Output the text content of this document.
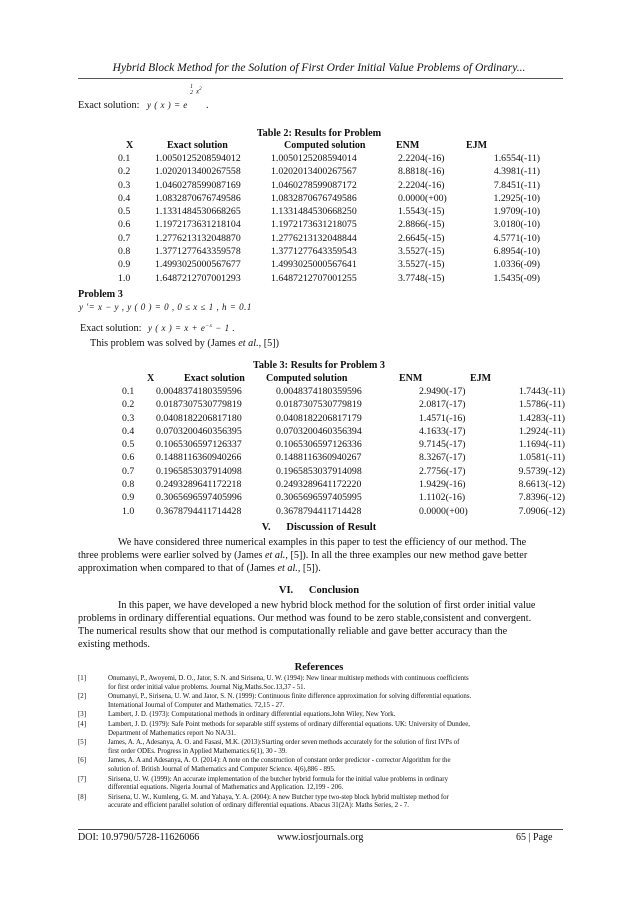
Hybrid Block Method for the Solution of First Order Initial Value Problems of Ordinary...
Exact solution: y ( x ) = e
1
2 $x^2$
.
Table 2: Results for Problem
X	Exact solution	Computed solution	ENM	EJM
0.1	1.0050125208594012	1.0050125208594014	2.2204(-16)	1.6554(-11)
0.2	1.0202013400267558	1.0202013400267567	8.8818(-16)	4.3981(-11)
0.3	1.0460278599087169	1.0460278599087172	2.2204(-16)	7.8451(-11)
0.4	1.0832870676749586	1.0832870676749586	0.0000(+00)	1.2925(-10)
0.5	1.1331484530668265	1.1331484530668250	1.5543(-15)	1.9709(-10)
0.6	1.1972173631218104	1.1972173631218075	2.8866(-15)	3.0180(-10)
0.7	1.2776213132048870	1.2776213132048844	2.6645(-15)	4.5771(-10)
0.8	1.3771277643359578	1.3771277643359543	3.5527(-15)	6.8954(-10)
0.9	1.4993025000567677	1.4993025000567641	3.5527(-15)	1.0336(-09)
1.0	1.6487212707001293	1.6487212707001255	3.7748(-15)	1.5435(-09)
Problem 3
y '= x − y , y ( 0 ) = 0 , 0 ≤ x ≤ 1 , h = 0.1
Exact solution: y ( x ) = $x + e^{-x} - 1$ .
This problem was solved by (James et al., [5])
Table 3: Results for Problem 3
X	Exact solution Computed solution	ENM	EJM
0.1	0.0048374180359596	0.0048374180359596	2.9490(-17)	1.7443(-11)
0.2	0.0187307530779819	0.0187307530779819	2.0817(-17)	1.5786(-11)
0.3	0.0408182206817180	0.0408182206817179	1.4571(-16)	1.4283(-11)
0.4	0.0703200460356395	0.0703200460356394	4.1633(-17)	1.2924(-11)
0.5	0.1065306597126337	0.1065306597126336	9.7145(-17)	1.1694(-11)
0.6	0.1488116360940266	0.1488116360940267	8.3267(-17)	1.0581(-11)
0.7	0.1965853037914098	0.1965853037914098	2.7756(-17)	9.5739(-12)
0.8	0.2493289641172218	0.2493289641172220	1.9429(-16)	8.6613(-12)
0.9	0.3065696597405996	0.3065696597405995	1.1102(-16)	7.8396(-12)
1.0	0.3678794411714428	0.3678794411714428	0.0000(+00)	7.0906(-12)
V. Discussion of Result
We have considered three numerical examples in this paper to test the efficiency of our method. The
three problems were earlier solved by (James et al., [5]). In all the three examples our new method gave better
approximation when compared to that of (James et al., [5]).
VI. Conclusion
In this paper, we have developed a new hybrid block method for the solution of first order initial value
problems in ordinary differential equations. Our method was found to be zero stable,consistent and convergent.
The numerical results show that our method is computationally reliable and gave better accuracy than the
existing methods.
References
[1]	Onumanyi, P., Awoyemi, D. O., Jator, S. N. and Sirisena, U. W. (1994): New linear multistep methods with continuous coefficients
for first order initial value problems. Journal Nig.Maths.Soc.13,37 - 51.
[2]	Onumanyi, P., Sirisena, U. W. and Jator, S. N. (1999): Continuous finite difference approximation for solving differential equations.
International Journal of Computer and Mathematics. 72,15 - 27.
[3]	Lambert, J. D. (1973): Computational methods in ordinary differential equations.John Wiley, New York.
[4]	Lambert, J. D. (1979): Safe Point methods for separable stiff systems of ordinary differential equations. UK: University of Dundee,
Department of Mathematics report No NA/31.
[5]	James, A. A., Adesanya, A. O. and Fasasi, M.K. (2013):Starting order seven methods accurately for the solution of first IVPs of
first order ODEs. Progress in Applied Mathematics.6(1), 30 - 39.
[6]	James, A. A and Adesanya, A. O. (2014): A note on the construction of constant order predictor - corrector Algorithm for the
solution of. British Journal of Mathematics and Computer Science. 4(6),886 - 895.
[7]	Sirisena, U. W. (1999): An accurate implementation of the butcher hybrid formula for the initial value problems in ordinary
differential equations. Nigeria Journal of Mathematics and Application. 12,199 - 206.
[8]	Sirisena, U. W., Kumleng, G. M. and Yahaya, Y. A. (2004): A new Butcher type two-step block hybrid multistep method for
accurate and efficient parallel solution of ordinary differential equations. Abacus 31(2A): Maths Series, 2 - 7.
DOI: 10.9790/5728-11626066	www.iosrjournals.org	65 | Page
